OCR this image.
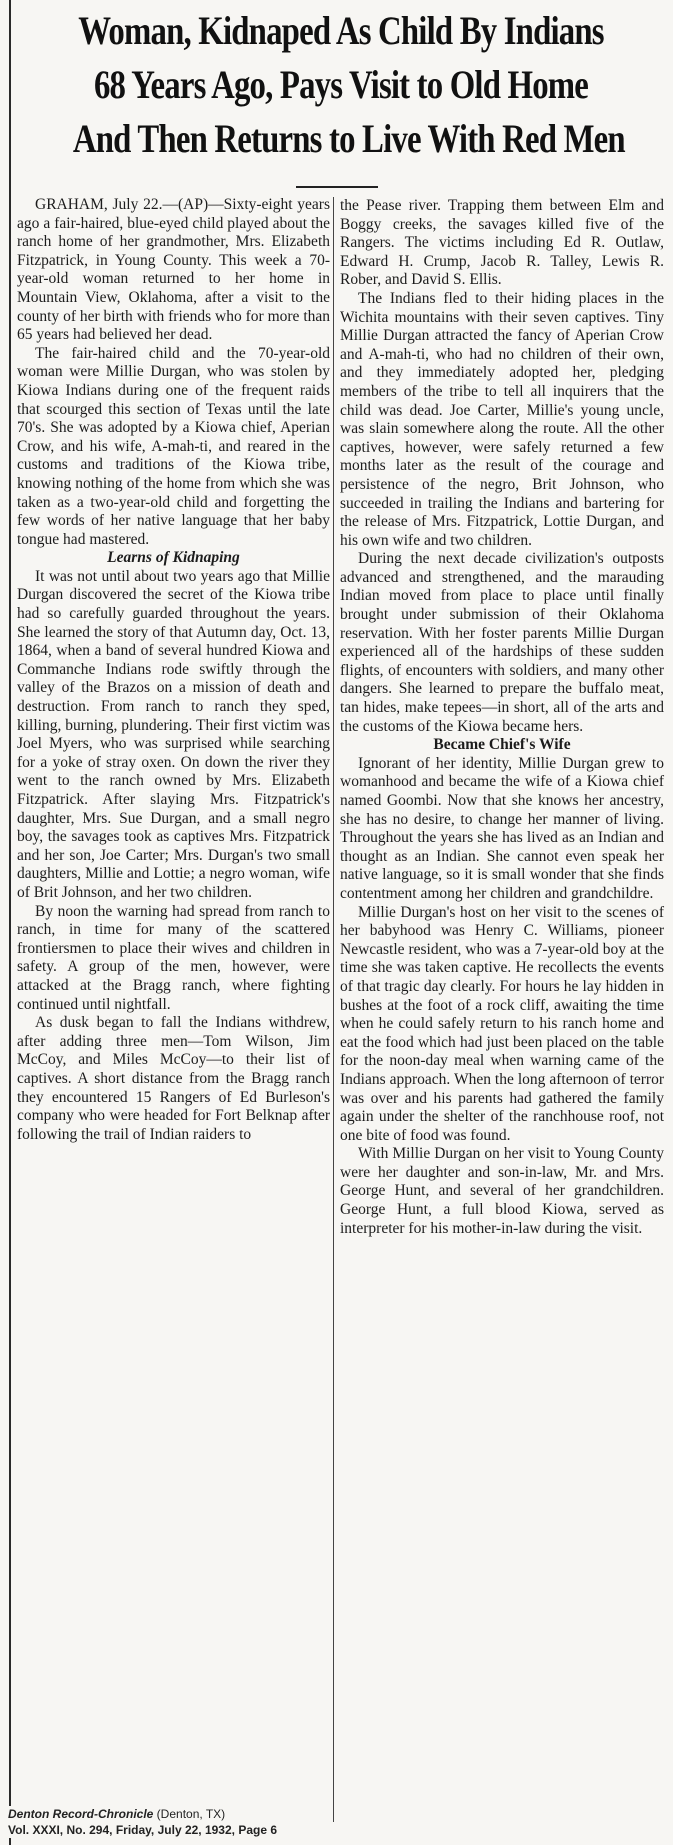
Woman, Kidnaped As Child By Indians
68 Years Ago, Pays Visit to Old Home
And Then Returns to Live With Red Men

GRAHAM, July 22.—(AP)—Sixty-eight years ago a fair-haired, blue-eyed child played about the ranch home of her grandmother, Mrs. Elizabeth Fitzpatrick, in Young County. This week a 70-year-old woman returned to her home in Mountain View, Oklahoma, after a visit to the county of her birth with friends who for more than 65 years had believed her dead.

The fair-haired child and the 70-year-old woman were Millie Durgan, who was stolen by Kiowa Indians during one of the frequent raids that scourged this section of Texas until the late 70's. She was adopted by a Kiowa chief, Aperian Crow, and his wife, A-mah-ti, and reared in the customs and traditions of the Kiowa tribe, knowing nothing of the home from which she was taken as a two-year-old child and forgetting the few words of her native language that her baby tongue had mastered.

Learns of Kidnaping

It was not until about two years ago that Millie Durgan discovered the secret of the Kiowa tribe had so carefully guarded throughout the years. She learned the story of that Autumn day, Oct. 13, 1864, when a band of several hundred Kiowa and Commanche Indians rode swiftly through the valley of the Brazos on a mission of death and destruction. From ranch to ranch they sped, killing, burning, plundering. Their first victim was Joel Myers, who was surprised while searching for a yoke of stray oxen. On down the river they went to the ranch owned by Mrs. Elizabeth Fitzpatrick. After slaying Mrs. Fitzpatrick's daughter, Mrs. Sue Durgan, and a small negro boy, the savages took as captives Mrs. Fitzpatrick and her son, Joe Carter; Mrs. Durgan's two small daughters, Millie and Lottie; a negro woman, wife of Brit Johnson, and her two children.

By noon the warning had spread from ranch to ranch, in time for many of the scattered frontiersmen to place their wives and children in safety. A group of the men, however, were attacked at the Bragg ranch, where fighting continued until nightfall.

As dusk began to fall the Indians withdrew, after adding three men—Tom Wilson, Jim McCoy, and Miles McCoy—to their list of captives. A short distance from the Bragg ranch they encountered 15 Rangers of Ed Burleson's company who were headed for Fort Belknap after following the trail of Indian raiders to

the Pease river. Trapping them between Elm and Boggy creeks, the savages killed five of the Rangers. The victims including Ed R. Outlaw, Edward H. Crump, Jacob R. Talley, Lewis R. Rober, and David S. Ellis.

The Indians fled to their hiding places in the Wichita mountains with their seven captives. Tiny Millie Durgan attracted the fancy of Aperian Crow and A-mah-ti, who had no children of their own, and they immediately adopted her, pledging members of the tribe to tell all inquirers that the child was dead. Joe Carter, Millie's young uncle, was slain somewhere along the route. All the other captives, however, were safely returned a few months later as the result of the courage and persistence of the negro, Brit Johnson, who succeeded in trailing the Indians and bartering for the release of Mrs. Fitzpatrick, Lottie Durgan, and his own wife and two children.

During the next decade civilization's outposts advanced and strengthened, and the marauding Indian moved from place to place until finally brought under submission of their Oklahoma reservation. With her foster parents Millie Durgan experienced all of the hardships of these sudden flights, of encounters with soldiers, and many other dangers. She learned to prepare the buffalo meat, tan hides, make tepees—in short, all of the arts and the customs of the Kiowa became hers.

Became Chief's Wife

Ignorant of her identity, Millie Durgan grew to womanhood and became the wife of a Kiowa chief named Goombi. Now that she knows her ancestry, she has no desire, to change her manner of living. Throughout the years she has lived as an Indian and thought as an Indian. She cannot even speak her native language, so it is small wonder that she finds contentment among her children and grandchildre.

Millie Durgan's host on her visit to the scenes of her babyhood was Henry C. Williams, pioneer Newcastle resident, who was a 7-year-old boy at the time she was taken captive. He recollects the events of that tragic day clearly. For hours he lay hidden in bushes at the foot of a rock cliff, awaiting the time when he could safely return to his ranch home and eat the food which had just been placed on the table for the noon-day meal when warning came of the Indians approach. When the long afternoon of terror was over and his parents had gathered the family again under the shelter of the ranchhouse roof, not one bite of food was found.

With Millie Durgan on her visit to Young County were her daughter and son-in-law, Mr. and Mrs. George Hunt, and several of her grandchildren. George Hunt, a full blood Kiowa, served as interpreter for his mother-in-law during the visit.

Denton Record-Chronicle (Denton, TX)
Vol. XXXI, No. 294, Friday, July 22, 1932, Page 6
